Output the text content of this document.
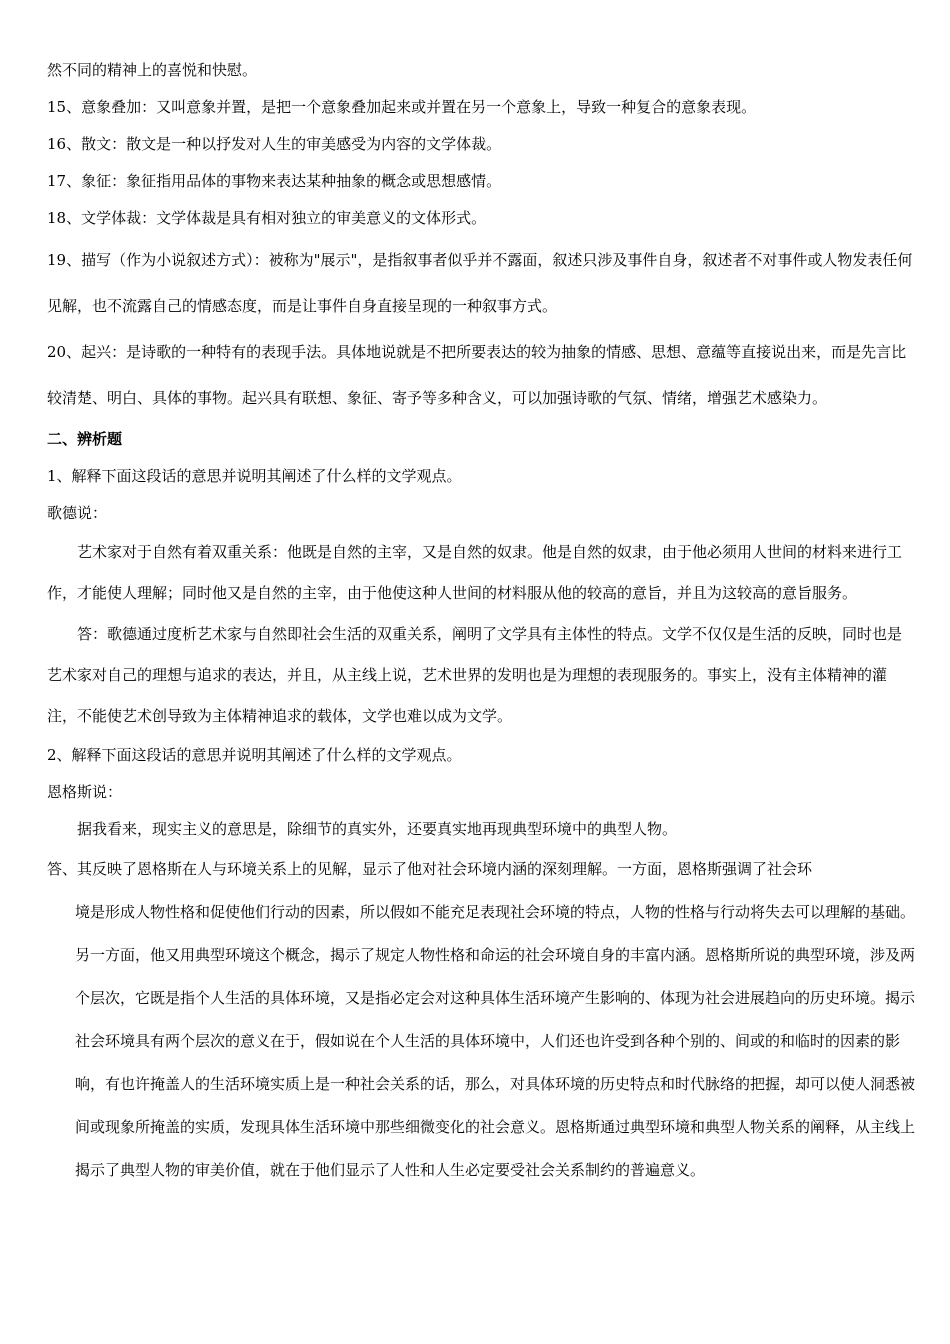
然不同的精神上的喜悦和快慰。

15、意象叠加：又叫意象并置，是把一个意象叠加起来或并置在另一个意象上，导致一种复合的意象表现。

16、散文：散文是一种以抒发对人生的审美感受为内容的文学体裁。

17、象征：象征指用品体的事物来表达某种抽象的概念或思想感情。

18、文学体裁：文学体裁是具有相对独立的审美意义的文体形式。

19、描写（作为小说叙述方式）：被称为"展示"，是指叙事者似乎并不露面，叙述只涉及事件自身，叙述者不对事件或人物发表任何见解，也不流露自己的情感态度，而是让事件自身直接呈现的一种叙事方式。

20、起兴：是诗歌的一种特有的表现手法。具体地说就是不把所要表达的较为抽象的情感、思想、意蕴等直接说出来，而是先言比较清楚、明白、具体的事物。起兴具有联想、象征、寄予等多种含义，可以加强诗歌的气氛、情绪，增强艺术感染力。

二、辨析题

1、解释下面这段话的意思并说明其阐述了什么样的文学观点。

歌德说：

艺术家对于自然有着双重关系：他既是自然的主宰，又是自然的奴隶。他是自然的奴隶，由于他必须用人世间的材料来进行工作，才能使人理解；同时他又是自然的主宰，由于他使这种人世间的材料服从他的较高的意旨，并且为这较高的意旨服务。

答：歌德通过度析艺术家与自然即社会生活的双重关系，阐明了文学具有主体性的特点。文学不仅仅是生活的反映，同时也是艺术家对自己的理想与追求的表达，并且，从主线上说，艺术世界的发明也是为理想的表现服务的。事实上，没有主体精神的灌注，不能使艺术创导致为主体精神追求的载体，文学也难以成为文学。

2、解释下面这段话的意思并说明其阐述了什么样的文学观点。

恩格斯说：

据我看来，现实主义的意思是，除细节的真实外，还要真实地再现典型环境中的典型人物。

答、其反映了恩格斯在人与环境关系上的见解，显示了他对社会环境内涵的深刻理解。一方面，恩格斯强调了社会环
境是形成人物性格和促使他们行动的因素，所以假如不能充足表现社会环境的特点，人物的性格与行动将失去可以理解的基础。另一方面，他又用典型环境这个概念，揭示了规定人物性格和命运的社会环境自身的丰富内涵。恩格斯所说的典型环境，涉及两个层次，它既是指个人生活的具体环境，又是指必定会对这种具体生活环境产生影响的、体现为社会进展趋向的历史环境。揭示社会环境具有两个层次的意义在于，假如说在个人生活的具体环境中，人们还也许受到各种个别的、间或的和临时的因素的影响，有也许掩盖人的生活环境实质上是一种社会关系的话，那么，对具体环境的历史特点和时代脉络的把握，却可以使人洞悉被间或现象所掩盖的实质，发现具体生活环境中那些细微变化的社会意义。恩格斯通过典型环境和典型人物关系的阐释，从主线上揭示了典型人物的审美价值，就在于他们显示了人性和人生必定要受社会关系制约的普遍意义。
